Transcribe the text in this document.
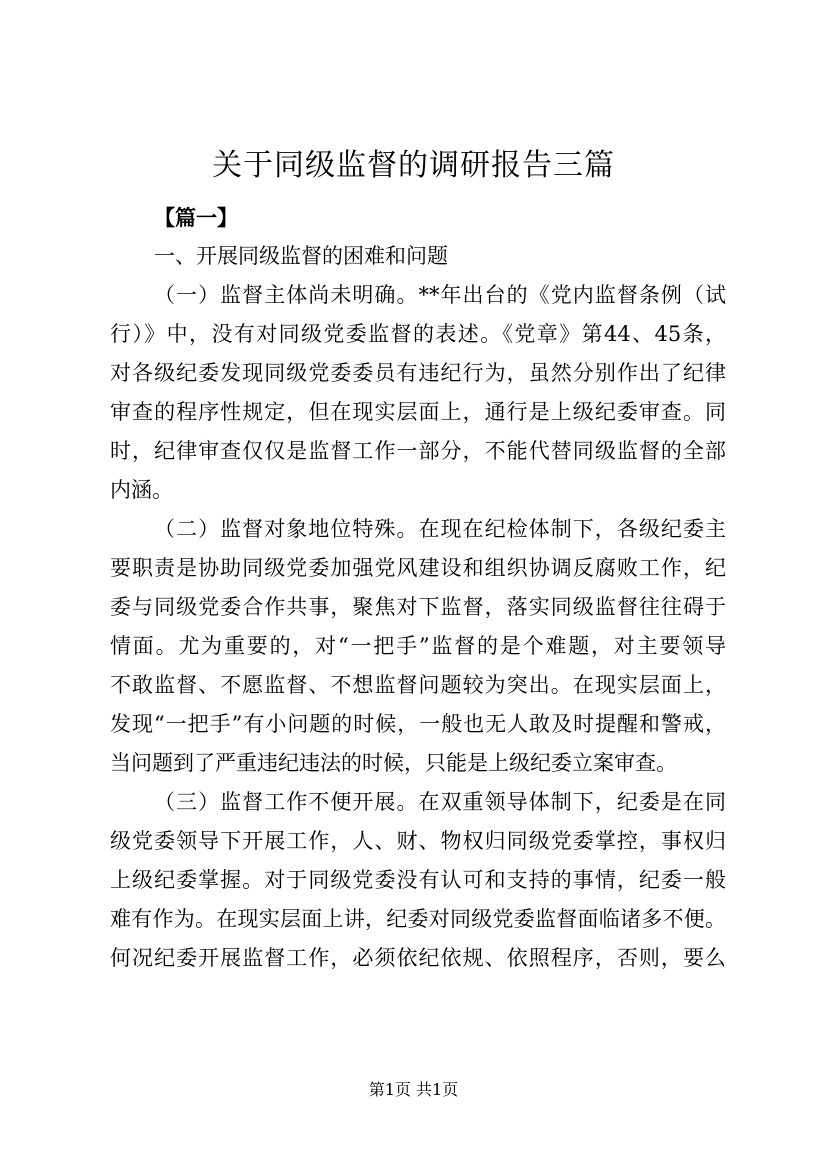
关于同级监督的调研报告三篇
【篇一】
一、开展同级监督的困难和问题
（一）监督主体尚未明确。**年出台的《党内监督条例（试
行）》中，没有对同级党委监督的表述。《党章》第44、45条，
对各级纪委发现同级党委委员有违纪行为，虽然分别作出了纪律
审查的程序性规定，但在现实层面上，通行是上级纪委审查。同
时，纪律审查仅仅是监督工作一部分，不能代替同级监督的全部
内涵。
（二）监督对象地位特殊。在现在纪检体制下，各级纪委主
要职责是协助同级党委加强党风建设和组织协调反腐败工作，纪
委与同级党委合作共事，聚焦对下监督，落实同级监督往往碍于
情面。尤为重要的，对“一把手”监督的是个难题，对主要领导
不敢监督、不愿监督、不想监督问题较为突出。在现实层面上，
发现“一把手”有小问题的时候，一般也无人敢及时提醒和警戒，
当问题到了严重违纪违法的时候，只能是上级纪委立案审查。
（三）监督工作不便开展。在双重领导体制下，纪委是在同
级党委领导下开展工作，人、财、物权归同级党委掌控，事权归
上级纪委掌握。对于同级党委没有认可和支持的事情，纪委一般
难有作为。在现实层面上讲，纪委对同级党委监督面临诸多不便。
何况纪委开展监督工作，必须依纪依规、依照程序，否则，要么
第1页 共1页
